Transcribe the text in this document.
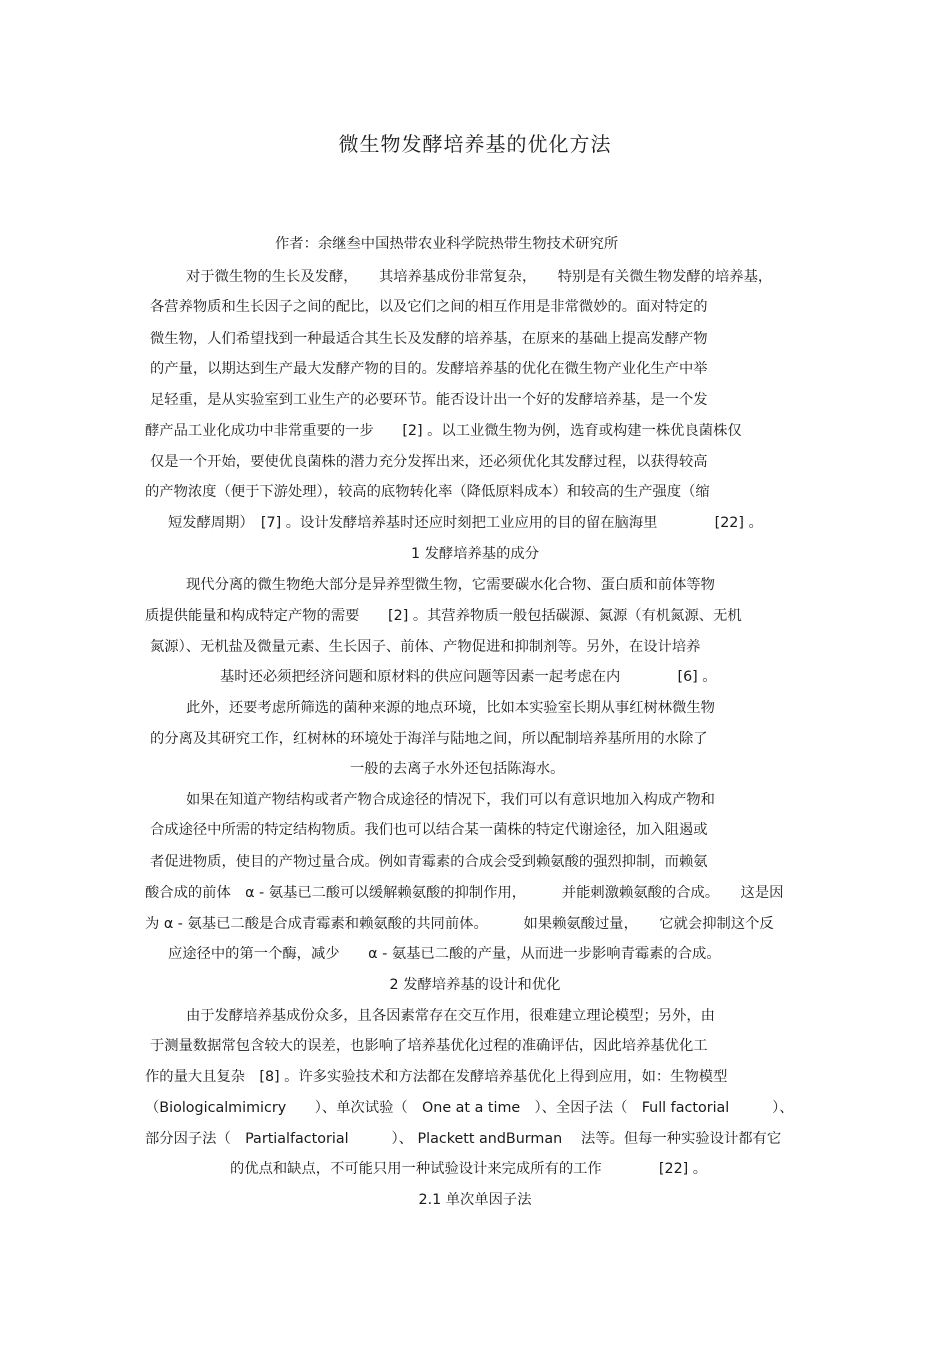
微生物发酵培养基的优化方法
作者：余继叁中国热带农业科学院热带生物技术研究所
对于微生物的生长及发酵，　　其培养基成份非常复杂，　　特别是有关微生物发酵的培养基，
各营养物质和生长因子之间的配比，以及它们之间的相互作用是非常微妙的。面对特定的
微生物，人们希望找到一种最适合其生长及发酵的培养基，在原来的基础上提高发酵产物
的产量，以期达到生产最大发酵产物的目的。发酵培养基的优化在微生物产业化生产中举
足轻重，是从实验室到工业生产的必要环节。能否设计出一个好的发酵培养基，是一个发
酵产品工业化成功中非常重要的一步　　[2] 。以工业微生物为例，选育或构建一株优良菌株仅
仅是一个开始，要使优良菌株的潜力充分发挥出来，还必须优化其发酵过程，以获得较高
的产物浓度（便于下游处理），较高的底物转化率（降低原料成本）和较高的生产强度（缩
短发酵周期）　[7] 。设计发酵培养基时还应时刻把工业应用的目的留在脑海里　　　　[22] 。
1 发酵培养基的成分
现代分离的微生物绝大部分是异养型微生物，它需要碳水化合物、蛋白质和前体等物
质提供能量和构成特定产物的需要　　[2] 。其营养物质一般包括碳源、氮源（有机氮源、无机
氮源）、无机盐及微量元素、生长因子、前体、产物促进和抑制剂等。另外，在设计培养
基时还必须把经济问题和原材料的供应问题等因素一起考虑在内　　　　[6] 。
此外，还要考虑所筛选的菌种来源的地点环境，比如本实验室长期从事红树林微生物
的分离及其研究工作，红树林的环境处于海洋与陆地之间，所以配制培养基所用的水除了
一般的去离子水外还包括陈海水。
如果在知道产物结构或者产物合成途径的情况下，我们可以有意识地加入构成产物和
合成途径中所需的特定结构物质。我们也可以结合某一菌株的特定代谢途径，加入阻遏或
者促进物质，使目的产物过量合成。例如青霉素的合成会受到赖氨酸的强烈抑制，而赖氨
酸合成的前体　α - 氨基已二酸可以缓解赖氨酸的抑制作用，　　　并能刺激赖氨酸的合成。　　这是因
为 α - 氨基已二酸是合成青霉素和赖氨酸的共同前体。　　　如果赖氨酸过量，　　它就会抑制这个反
应途径中的第一个酶，减少　　α - 氨基已二酸的产量，从而进一步影响青霉素的合成。
2 发酵培养基的设计和优化
由于发酵培养基成份众多，且各因素常存在交互作用，很难建立理论模型；另外，由
于测量数据常包含较大的误差，也影响了培养基优化过程的准确评估，因此培养基优化工
作的量大且复杂　[8] 。许多实验技术和方法都在发酵培养基优化上得到应用，如：生物模型
（Biologicalmimicry　　）、单次试验（　One at a time　）、全因子法（　Full factorial　　　）、
部分因子法（　Partialfactorial　　　）、 Plackett andBurman　 法等。但每一种实验设计都有它
的优点和缺点，不可能只用一种试验设计来完成所有的工作　　　　[22] 。
2.1 单次单因子法
